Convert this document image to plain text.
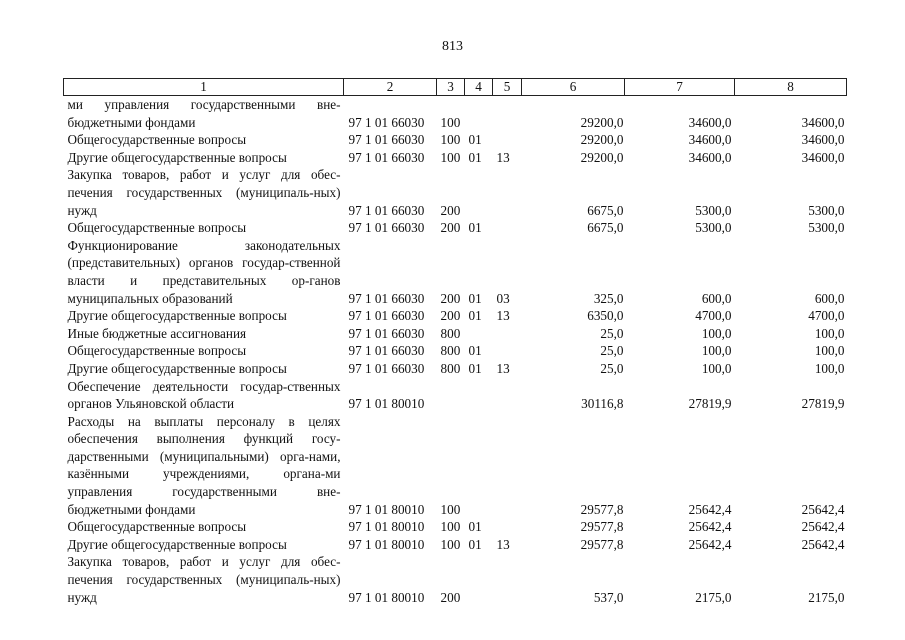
813
1	2	3	4	5	6	7	8
ми управления государственными вне-бюджетными фондами	97 1 01 66030	100			29200,0	34600,0	34600,0
Общегосударственные вопросы	97 1 01 66030	100	01		29200,0	34600,0	34600,0
Другие общегосударственные вопросы	97 1 01 66030	100	01	13	29200,0	34600,0	34600,0
Закупка товаров, работ и услуг для обес-печения государственных (муниципаль-ных) нужд	97 1 01 66030	200			6675,0	5300,0	5300,0
Общегосударственные вопросы	97 1 01 66030	200	01		6675,0	5300,0	5300,0
Функционирование законодательных (представительных) органов государ-ственной власти и представительных ор-ганов муниципальных образований	97 1 01 66030	200	01	03	325,0	600,0	600,0
Другие общегосударственные вопросы	97 1 01 66030	200	01	13	6350,0	4700,0	4700,0
Иные бюджетные ассигнования	97 1 01 66030	800			25,0	100,0	100,0
Общегосударственные вопросы	97 1 01 66030	800	01		25,0	100,0	100,0
Другие общегосударственные вопросы	97 1 01 66030	800	01	13	25,0	100,0	100,0
Обеспечение деятельности государ-ственных органов Ульяновской области	97 1 01 80010				30116,8	27819,9	27819,9
Расходы на выплаты персоналу в целях обеспечения выполнения функций госу-дарственными (муниципальными) орга-нами, казёнными учреждениями, органа-ми управления государственными вне-бюджетными фондами	97 1 01 80010	100			29577,8	25642,4	25642,4
Общегосударственные вопросы	97 1 01 80010	100	01		29577,8	25642,4	25642,4
Другие общегосударственные вопросы	97 1 01 80010	100	01	13	29577,8	25642,4	25642,4
Закупка товаров, работ и услуг для обес-печения государственных (муниципаль-ных) нужд	97 1 01 80010	200			537,0	2175,0	2175,0
